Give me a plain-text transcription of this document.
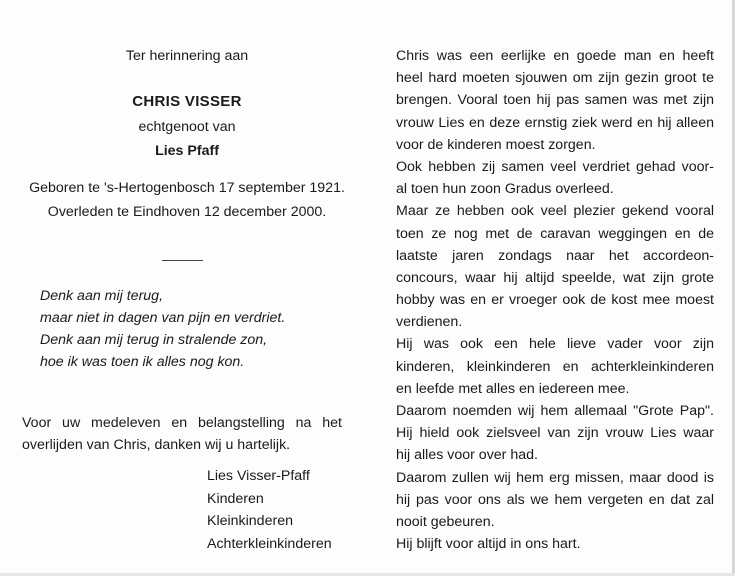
Ter herinnering aan
CHRIS VISSER
echtgenoot van
Lies Pfaff
Geboren te 's-Hertogenbosch 17 september 1921.
Overleden te Eindhoven 12 december 2000.
Denk aan mij terug,
maar niet in dagen van pijn en verdriet.
Denk aan mij terug in stralende zon,
hoe ik was toen ik alles nog kon.
Voor uw medeleven en belangstelling na het
overlijden van Chris, danken wij u hartelijk.
Lies Visser-Pfaff
Kinderen
Kleinkinderen
Achterkleinkinderen
Chris was een eerlijke en goede man en heeft
heel hard moeten sjouwen om zijn gezin groot te
brengen. Vooral toen hij pas samen was met zijn
vrouw Lies en deze ernstig ziek werd en hij alleen
voor de kinderen moest zorgen.
Ook hebben zij samen veel verdriet gehad voor-
al toen hun zoon Gradus overleed.
Maar ze hebben ook veel plezier gekend vooral
toen ze nog met de caravan weggingen en de
laatste jaren zondags naar het accordeon-
concours, waar hij altijd speelde, wat zijn grote
hobby was en er vroeger ook de kost mee moest
verdienen.
Hij was ook een hele lieve vader voor zijn
kinderen, kleinkinderen en achterkleinkinderen
en leefde met alles en iedereen mee.
Daarom noemden wij hem allemaal "Grote Pap".
Hij hield ook zielsveel van zijn vrouw Lies waar
hij alles voor over had.
Daarom zullen wij hem erg missen, maar dood is
hij pas voor ons als we hem vergeten en dat zal
nooit gebeuren.
Hij blijft voor altijd in ons hart.
